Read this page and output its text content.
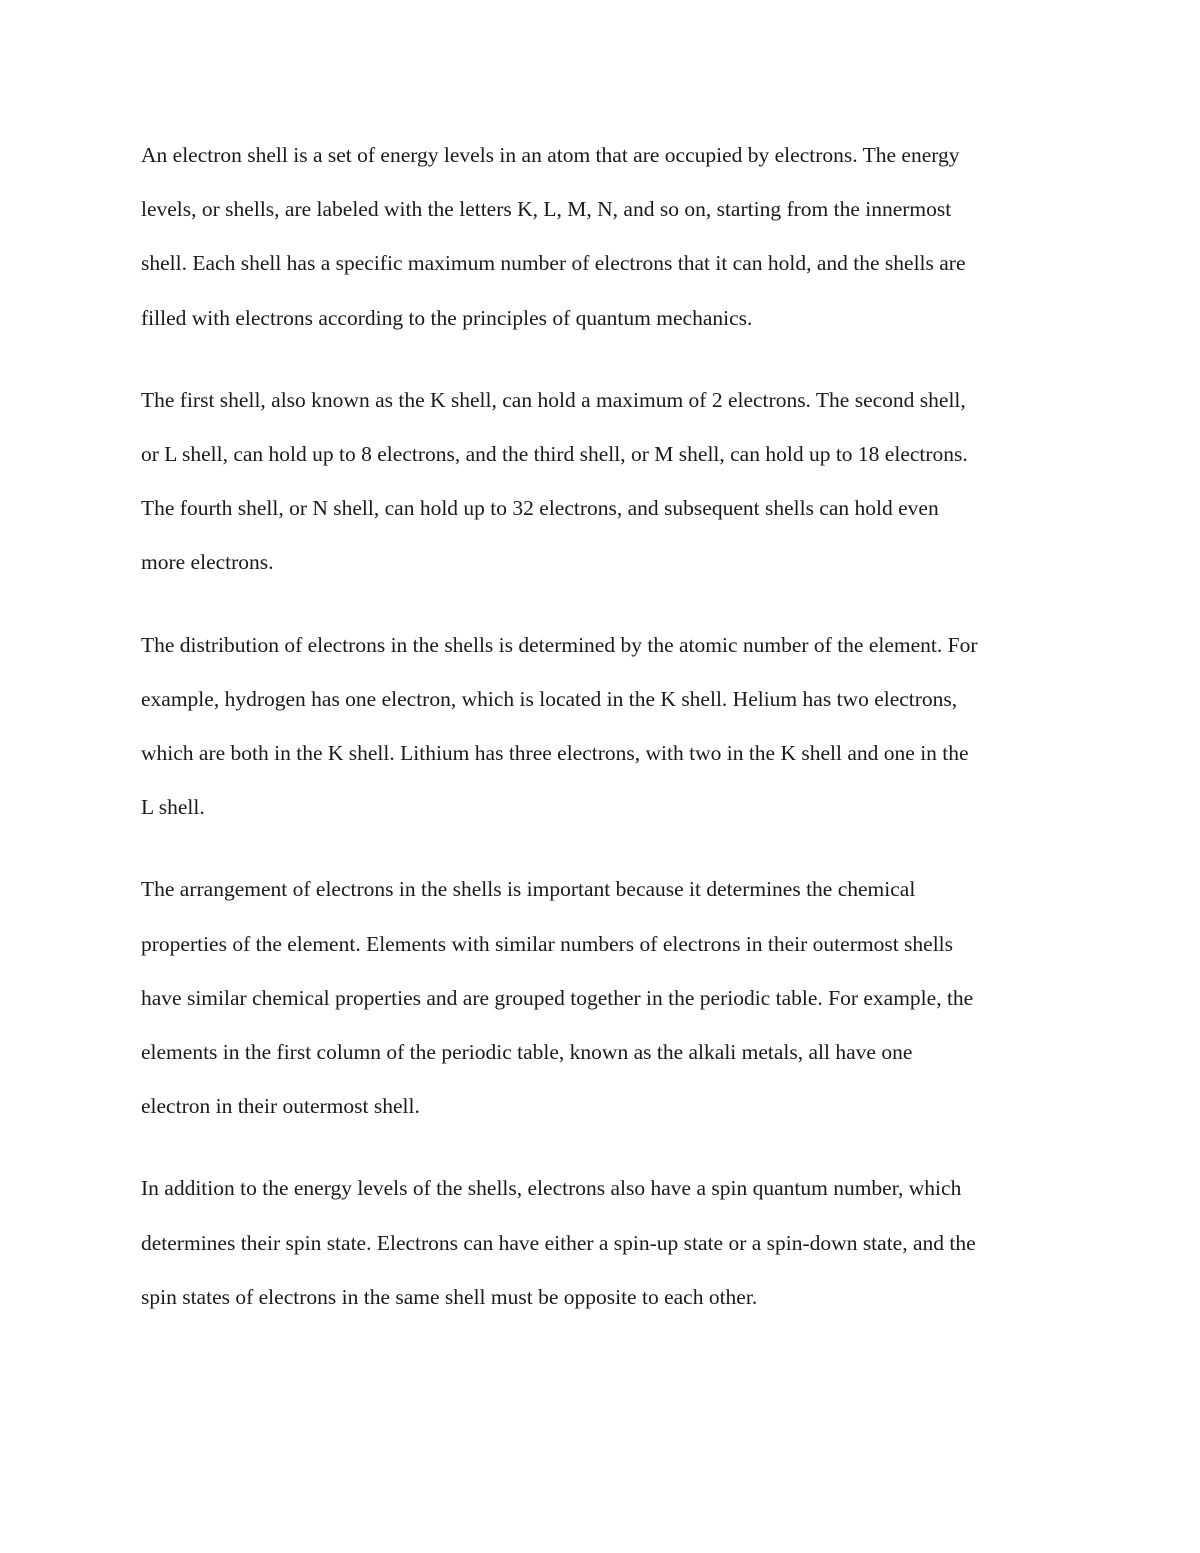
An electron shell is a set of energy levels in an atom that are occupied by electrons. The energy
levels, or shells, are labeled with the letters K, L, M, N, and so on, starting from the innermost
shell. Each shell has a specific maximum number of electrons that it can hold, and the shells are
filled with electrons according to the principles of quantum mechanics.

The first shell, also known as the K shell, can hold a maximum of 2 electrons. The second shell,
or L shell, can hold up to 8 electrons, and the third shell, or M shell, can hold up to 18 electrons.
The fourth shell, or N shell, can hold up to 32 electrons, and subsequent shells can hold even
more electrons.

The distribution of electrons in the shells is determined by the atomic number of the element. For
example, hydrogen has one electron, which is located in the K shell. Helium has two electrons,
which are both in the K shell. Lithium has three electrons, with two in the K shell and one in the
L shell.

The arrangement of electrons in the shells is important because it determines the chemical
properties of the element. Elements with similar numbers of electrons in their outermost shells
have similar chemical properties and are grouped together in the periodic table. For example, the
elements in the first column of the periodic table, known as the alkali metals, all have one
electron in their outermost shell.

In addition to the energy levels of the shells, electrons also have a spin quantum number, which
determines their spin state. Electrons can have either a spin-up state or a spin-down state, and the
spin states of electrons in the same shell must be opposite to each other.
